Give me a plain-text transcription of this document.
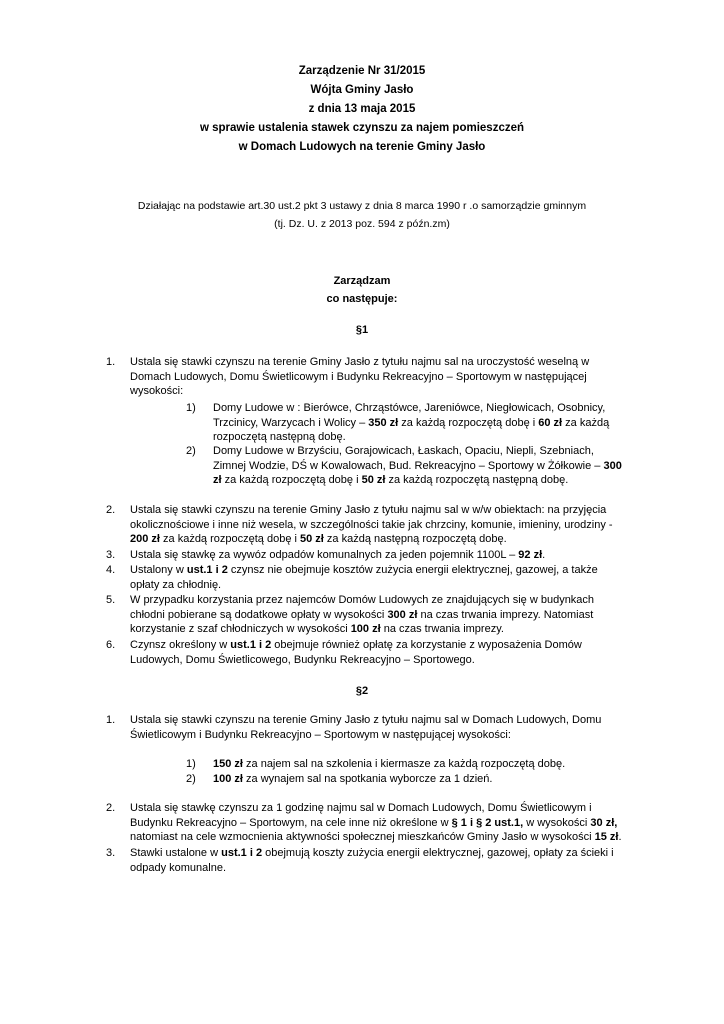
Zarządzenie Nr 31/2015
Wójta Gminy Jasło
z dnia 13 maja 2015
w sprawie ustalenia stawek czynszu za najem pomieszczeń
w Domach Ludowych na terenie Gminy Jasło
Działając na podstawie art.30 ust.2 pkt 3 ustawy z dnia 8 marca 1990 r .o samorządzie gminnym
(tj. Dz. U. z 2013 poz. 594 z późn.zm)
Zarządzam
co następuje:
§1
1.	Ustala się stawki czynszu na terenie Gminy Jasło z tytułu najmu sal na uroczystość weselną w Domach Ludowych, Domu Świetlicowym i Budynku Rekreacyjno – Sportowym w następującej wysokości:
1)	Domy Ludowe w : Bierówce, Chrząstówce, Jareniówce, Niegłowicach, Osobnicy, Trzcinicy, Warzycach i Wolicy – 350 zł za każdą rozpoczętą dobę i 60 zł za każdą rozpoczętą następną dobę.
2)	Domy Ludowe w Brzyściu, Gorajowicach, Łaskach, Opaciu, Niepli, Szebniach, Zimnej Wodzie, DŚ w Kowalowach, Bud. Rekreacyjno – Sportowy w Żółkowie – 300 zł za każdą rozpoczętą dobę i 50 zł za każdą rozpoczętą następną dobę.
2.	Ustala się stawki czynszu na terenie Gminy Jasło z tytułu najmu sal w w/w obiektach: na przyjęcia okolicznościowe i inne niż wesela, w szczególności takie jak chrzciny, komunie, imieniny, urodziny - 200 zł za każdą rozpoczętą dobę i 50 zł za każdą następną rozpoczętą dobę.
3.	Ustala się stawkę za wywóz odpadów komunalnych za jeden pojemnik 1100L – 92 zł.
4.	Ustalony w ust.1 i 2 czynsz nie obejmuje kosztów zużycia energii elektrycznej, gazowej, a także opłaty za chłodnię.
5.	W przypadku korzystania przez najemców Domów Ludowych ze znajdujących się w budynkach chłodni pobierane są dodatkowe opłaty w wysokości 300 zł na czas trwania imprezy. Natomiast korzystanie z szaf chłodniczych w wysokości 100 zł na czas trwania imprezy.
6.	Czynsz określony w ust.1 i 2 obejmuje również opłatę za korzystanie z wyposażenia Domów Ludowych, Domu Świetlicowego, Budynku Rekreacyjno – Sportowego.
§2
1.	Ustala się stawki czynszu na terenie Gminy Jasło z tytułu najmu sal w Domach Ludowych, Domu Świetlicowym i Budynku Rekreacyjno – Sportowym w następującej wysokości:
1)	150 zł za najem sal na szkolenia i kiermasze za każdą rozpoczętą dobę.
2)	100 zł za wynajem sal na spotkania wyborcze za 1 dzień.
2.	Ustala się stawkę czynszu za 1 godzinę najmu sal w Domach Ludowych, Domu Świetlicowym i Budynku Rekreacyjno – Sportowym, na cele inne niż określone w § 1 i § 2 ust.1, w wysokości 30 zł, natomiast na cele wzmocnienia aktywności społecznej mieszkańców Gminy Jasło w wysokości 15 zł.
3.	Stawki ustalone w ust.1 i 2 obejmują koszty zużycia energii elektrycznej, gazowej, opłaty za ścieki i odpady komunalne.
